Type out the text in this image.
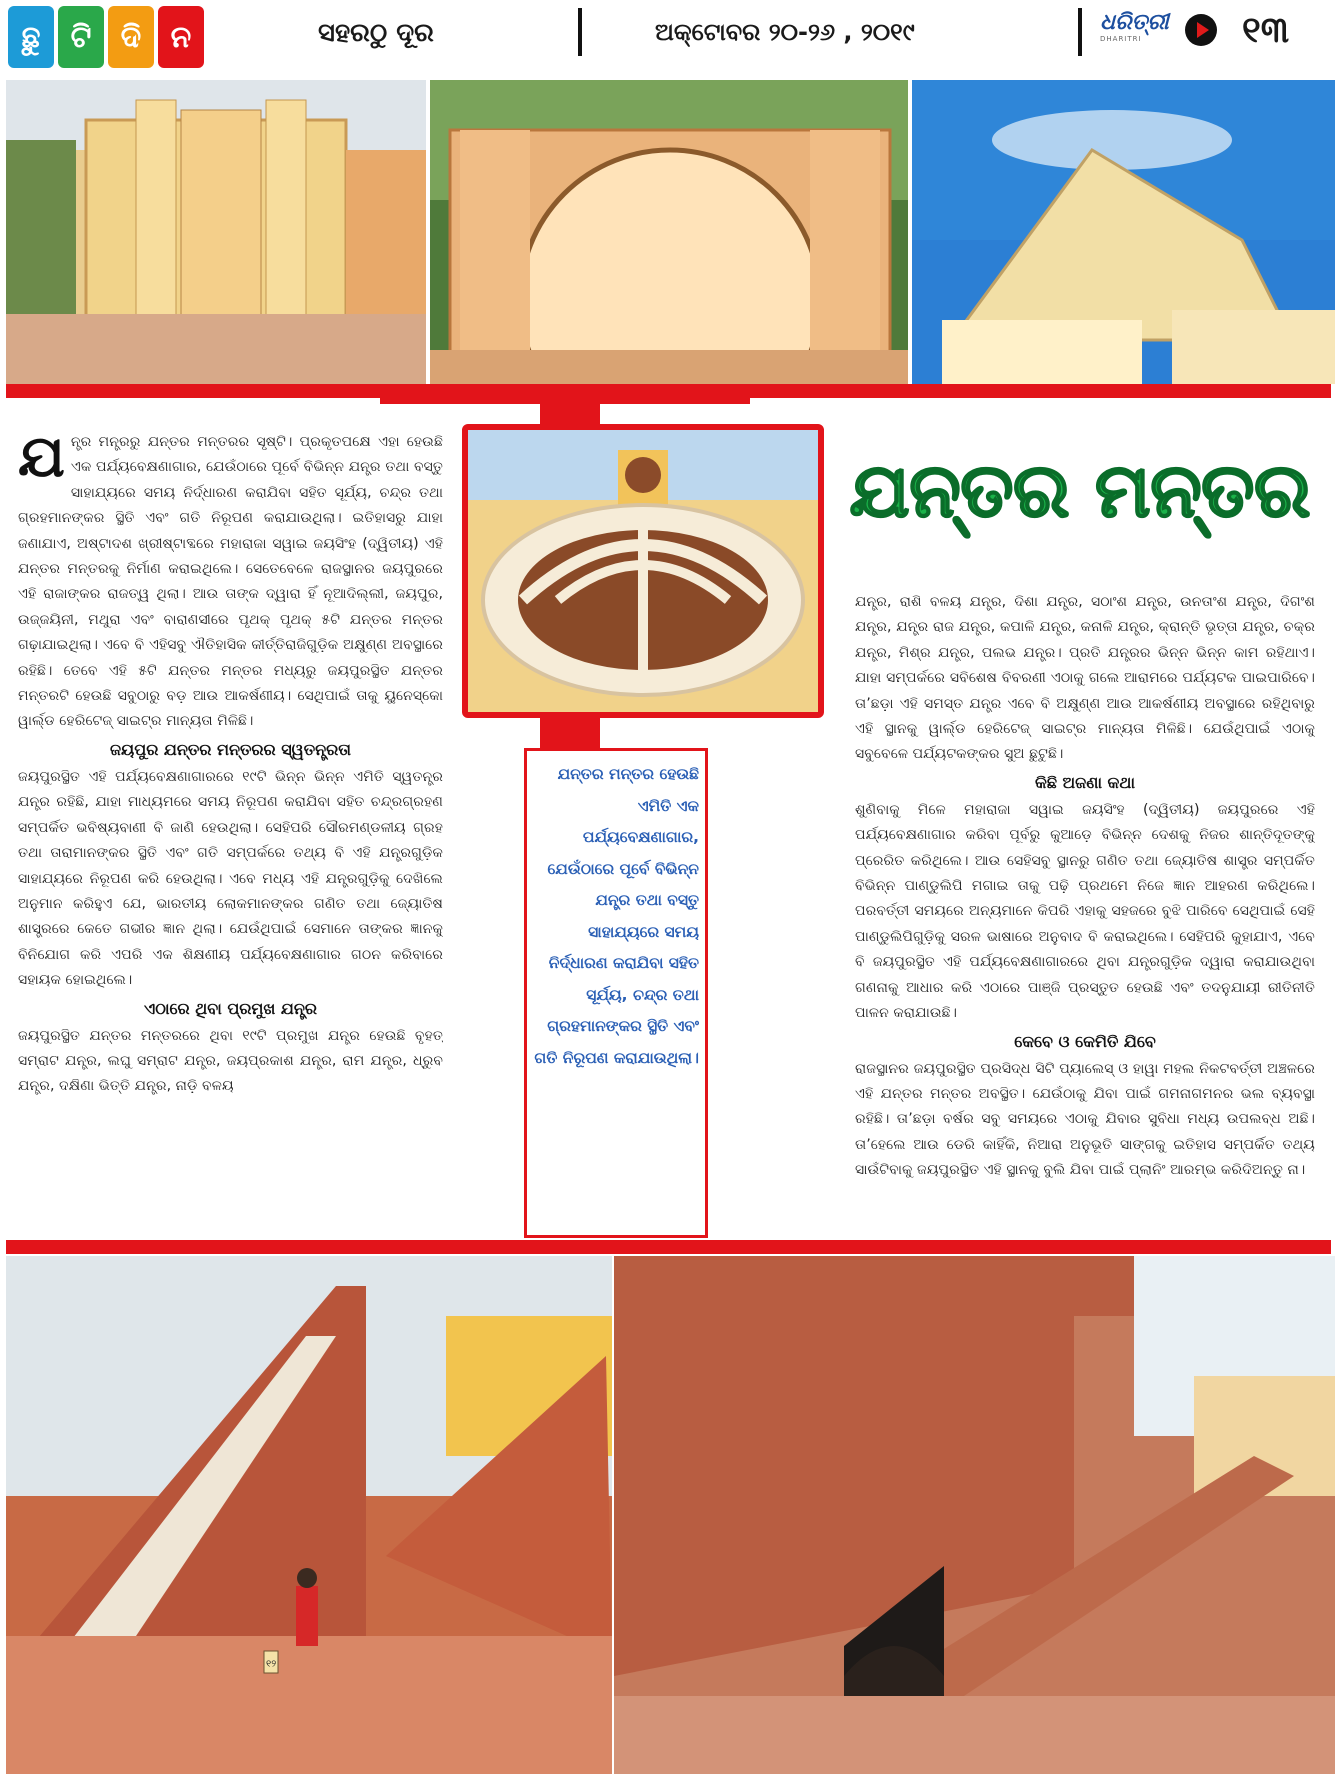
ଛୁ	ଟି ଦି ନ	ସହରଠୁ ଦୂର	ଅକ୍ଟୋବର ୨୦-୨୬ , ୨୦୧୯	ଧରିତ୍ରୀ
DHARITRI	୧୩

ଯନ୍ତ୍ର ମନ୍ତ୍ରରୁ ଯନ୍ତର ମନ୍ତରର ସୃଷ୍ଟି। ପ୍ରକୃତପକ୍ଷେ ଏହା ହେଉଛି ଏକ ପର୍ଯ୍ୟବେକ୍ଷଣାଗାର, ଯେଉଁଠାରେ ପୂର୍ବେ ବିଭିନ୍ନ ଯନ୍ତ୍ର ତଥା ବସ୍ତୁ ସାହାଯ୍ୟରେ ସମୟ ନିର୍ଦ୍ଧାରଣ କରାଯିବା ସହିତ ସୂର୍ଯ୍ୟ, ଚନ୍ଦ୍ର ତଥା ଗ୍ରହମାନଙ୍କର ସ୍ଥିତି ଏବଂ ଗତି ନିରୂପଣ କରାଯାଉଥିଲା। ଇତିହାସରୁ ଯାହା ଜଣାଯାଏ, ଅଷ୍ଟାଦଶ ଖ୍ରୀଷ୍ଟାବ୍ଦରେ ମହାରାଜା ସୱାଇ ଜୟସିଂହ (ଦ୍ୱିତୀୟ) ଏହି ଯନ୍ତର ମନ୍ତରକୁ ନିର୍ମାଣ କରାଇଥିଲେ। ସେତେବେଳେ ରାଜସ୍ଥାନର ଜୟପୁରରେ ଏହି ରାଜାଙ୍କର ରାଜତ୍ୱ ଥିଲା। ଆଉ ତାଙ୍କ ଦ୍ୱାରା ହିଁ ନୂଆଦିଲ୍ଲୀ, ଜୟପୁର, ଉଜ୍ଜୟିନୀ, ମଥୁରା ଏବଂ ବାରାଣସୀରେ ପୃଥକ୍ ପୃଥକ୍ ୫ଟି ଯନ୍ତର ମନ୍ତର ଗଢ଼ାଯାଇଥିଲା। ଏବେ ବି ଏହିସବୁ ଐତିହାସିକ କୀର୍ତ୍ତିରାଜିଗୁଡ଼ିକ ଅକ୍ଷୁଣ୍ଣ ଅବସ୍ଥାରେ ରହିଛି। ତେବେ ଏହି ୫ଟି ଯନ୍ତର ମନ୍ତର ମଧ୍ୟରୁ ଜୟପୁରସ୍ଥିତ ଯନ୍ତର ମନ୍ତରଟି ହେଉଛି ସବୁଠାରୁ ବଡ଼ ଆଉ ଆକର୍ଷଣୀୟ। ସେଥିପାଇଁ ତାକୁ ୟୁନେସ୍କୋ ୱାର୍ଲ୍ଡ ହେରିଟେଜ୍ ସାଇଟ୍ର ମାନ୍ୟତା ମିଳିଛି।

ଜୟପୁର ଯନ୍ତର ମନ୍ତରର ସ୍ୱତନ୍ତ୍ରତା

ଜୟପୁରସ୍ଥିତ ଏହି ପର୍ଯ୍ୟବେକ୍ଷଣାଗାରରେ ୧୯ଟି ଭିନ୍ନ ଭିନ୍ନ ଏମିତି ସ୍ୱତନ୍ତ୍ର ଯନ୍ତ୍ର ରହିଛି, ଯାହା ମାଧ୍ୟମରେ ସମୟ ନିରୂପଣ କରାଯିବା ସହିତ ଚନ୍ଦ୍ରଗ୍ରହଣ ସମ୍ପର୍କିତ ଭବିଷ୍ୟବାଣୀ ବି ଜାଣି ହେଉଥିଲା। ସେହିପରି ସୌରମଣ୍ଡଳୀୟ ଗ୍ରହ ତଥା ତାରାମାନଙ୍କର ସ୍ଥିତି ଏବଂ ଗତି ସମ୍ପର୍କରେ ତଥ୍ୟ ବି ଏହି ଯନ୍ତ୍ରଗୁଡ଼ିକ ସାହାଯ୍ୟରେ ନିରୂପଣ କରି ହେଉଥିଲା। ଏବେ ମଧ୍ୟ ଏହି ଯନ୍ତ୍ରଗୁଡ଼ିକୁ ଦେଖିଲେ ଅନୁମାନ କରିହୁଏ ଯେ, ଭାରତୀୟ ଲୋକମାନଙ୍କର ଗଣିତ ତଥା ଜ୍ୟୋତିଷ ଶାସ୍ତ୍ରରେ କେତେ ଗଭୀର ଜ୍ଞାନ ଥିଲା। ଯେଉଁଥିପାଇଁ ସେମାନେ ତାଙ୍କର ଜ୍ଞାନକୁ ବିନିଯୋଗ କରି ଏପରି ଏକ ଶିକ୍ଷଣୀୟ ପର୍ଯ୍ୟବେକ୍ଷଣାଗାର ଗଠନ କରିବାରେ ସହାୟକ ହୋଇଥିଲେ।

ଏଠାରେ ଥିବା ପ୍ରମୁଖ ଯନ୍ତ୍ର

ଜୟପୁରସ୍ଥିତ ଯନ୍ତର ମନ୍ତରରେ ଥିବା ୧୯ଟି ପ୍ରମୁଖ ଯନ୍ତ୍ର ହେଉଛି ବୃହତ୍ ସମ୍ରାଟ ଯନ୍ତ୍ର, ଲଘୁ ସମ୍ରାଟ ଯନ୍ତ୍ର, ଜୟପ୍ରକାଶ ଯନ୍ତ୍ର, ରାମ ଯନ୍ତ୍ର, ଧ୍ରୁବ ଯନ୍ତ୍ର, ଦକ୍ଷିଣା ଭିତ୍ତି ଯନ୍ତ୍ର, ନାଡ଼ି ବଳୟ

ଯନ୍ତର ମନ୍ତର ହେଉଛି ଏମିତି ଏକ ପର୍ଯ୍ୟବେକ୍ଷଣାଗାର, ଯେଉଁଠାରେ ପୂର୍ବେ ବିଭିନ୍ନ ଯନ୍ତ୍ର ତଥା ବସ୍ତୁ ସାହାଯ୍ୟରେ ସମୟ ନିର୍ଦ୍ଧାରଣ କରାଯିବା ସହିତ ସୂର୍ଯ୍ୟ, ଚନ୍ଦ୍ର ତଥା ଗ୍ରହମାନଙ୍କର ସ୍ଥିତି ଏବଂ ଗତି ନିରୂପଣ କରାଯାଉଥିଲା।
ଯନ୍ତର ମନ୍ତର

ଯନ୍ତ୍ର, ରାଶି ବଳୟ ଯନ୍ତ୍ର, ଦିଶା ଯନ୍ତ୍ର, ସଠାଂଶ ଯନ୍ତ୍ର, ଉନତାଂଶ ଯନ୍ତ୍ର, ଦିଗଂଶ ଯନ୍ତ୍ର, ଯନ୍ତ୍ର ରାଜ ଯନ୍ତ୍ର, କପାଳି ଯନ୍ତ୍ର, କନାଳି ଯନ୍ତ୍ର, କ୍ରାନ୍ତି ଭୃତ୍ତା ଯନ୍ତ୍ର, ଚକ୍ର ଯନ୍ତ୍ର, ମିଶ୍ର ଯନ୍ତ୍ର, ପଲଭ ଯନ୍ତ୍ର। ପ୍ରତି ଯନ୍ତ୍ରର ଭିନ୍ନ ଭିନ୍ନ କାମ ରହିଥାଏ। ଯାହା ସମ୍ପର୍କରେ ସବିଶେଷ ବିବରଣୀ ଏଠାକୁ ଗଲେ ଆରାମରେ ପର୍ଯ୍ୟଟକ ପାଇପାରିବେ। ତା’ଛଡ଼ା ଏହି ସମସ୍ତ ଯନ୍ତ୍ର ଏବେ ବି ଅକ୍ଷୁଣ୍ଣ ଆଉ ଆକର୍ଷଣୀୟ ଅବସ୍ଥାରେ ରହିଥିବାରୁ ଏହି ସ୍ଥାନକୁ ୱାର୍ଲ୍ଡ ହେରିଟେଜ୍ ସାଇଟ୍ର ମାନ୍ୟତା ମିଳିଛି। ଯେଉଁଥିପାଇଁ ଏଠାକୁ ସବୁବେଳେ ପର୍ଯ୍ୟଟକଙ୍କର ସୁଅ ଛୁଟୁଛି।

କିଛି ଅଜଣା କଥା

ଶୁଣିବାକୁ ମିଳେ ମହାରାଜା ସୱାଇ ଜୟସିଂହ (ଦ୍ୱିତୀୟ) ଜୟପୁରରେ ଏହି ପର୍ଯ୍ୟବେକ୍ଷଣାଗାର କରିବା ପୂର୍ବରୁ କୁଆଡ଼େ ବିଭିନ୍ନ ଦେଶକୁ ନିଜର ଶାନ୍ତିଦୂତଙ୍କୁ ପ୍ରେରିତ କରିଥିଲେ। ଆଉ ସେହିସବୁ ସ୍ଥାନରୁ ଗଣିତ ତଥା ଜ୍ୟୋତିଷ ଶାସ୍ତ୍ର ସମ୍ପର୍କିତ ବିଭିନ୍ନ ପାଣ୍ଡୁଲିପି ମଗାଇ ତାକୁ ପଢ଼ି ପ୍ରଥମେ ନିଜେ ଜ୍ଞାନ ଆହରଣ କରିଥିଲେ। ପରବର୍ତ୍ତୀ ସମୟରେ ଅନ୍ୟମାନେ କିପରି ଏହାକୁ ସହଜରେ ବୁଝି ପାରିବେ ସେଥିପାଇଁ ସେହି ପାଣ୍ଡୁଲିପିଗୁଡ଼ିକୁ ସରଳ ଭାଷାରେ ଅନୁବାଦ ବି କରାଇଥିଲେ। ସେହିପରି କୁହାଯାଏ, ଏବେ ବି ଜୟପୁରସ୍ଥିତ ଏହି ପର୍ଯ୍ୟବେକ୍ଷଣାଗାରରେ ଥିବା ଯନ୍ତ୍ରଗୁଡ଼ିକ ଦ୍ୱାରା କରାଯାଉଥିବା ଗଣନାକୁ ଆଧାର କରି ଏଠାରେ ପାଞ୍ଜି ପ୍ରସ୍ତୁତ ହେଉଛି ଏବଂ ତଦନୁଯାୟୀ ରୀତିନୀତି ପାଳନ କରାଯାଉଛି।

କେବେ ଓ କେମିତି ଯିବେ

ରାଜସ୍ଥାନର ଜୟପୁରସ୍ଥିତ ପ୍ରସିଦ୍ଧ ସିଟି ପ୍ୟାଲେସ୍ ଓ ହାୱା ମହଲ ନିକଟବର୍ତ୍ତୀ ଅଞ୍ଚଳରେ ଏହି ଯନ୍ତର ମନ୍ତର ଅବସ୍ଥିତ। ଯେଉଁଠାକୁ ଯିବା ପାଇଁ ଗମନାଗମନର ଭଲ ବ୍ୟବସ୍ଥା ରହିଛି। ତା’ଛଡ଼ା ବର୍ଷର ସବୁ ସମୟରେ ଏଠାକୁ ଯିବାର ସୁବିଧା ମଧ୍ୟ ଉପଲବ୍ଧ ଅଛି। ତା’ହେଲେ ଆଉ ଡେରି କାହିଁକି, ନିଆରା ଅନୁଭୂତି ସାଙ୍ଗକୁ ଇତିହାସ ସମ୍ପର୍କିତ ତଥ୍ୟ ସାଉଁଟିବାକୁ ଜୟପୁରସ୍ଥିତ ଏହି ସ୍ଥାନକୁ ବୁଲି ଯିବା ପାଇଁ ପ୍ଲାନିଂ ଆରମ୍ଭ କରିଦିଅନ୍ତୁ ନା।

୧୨
